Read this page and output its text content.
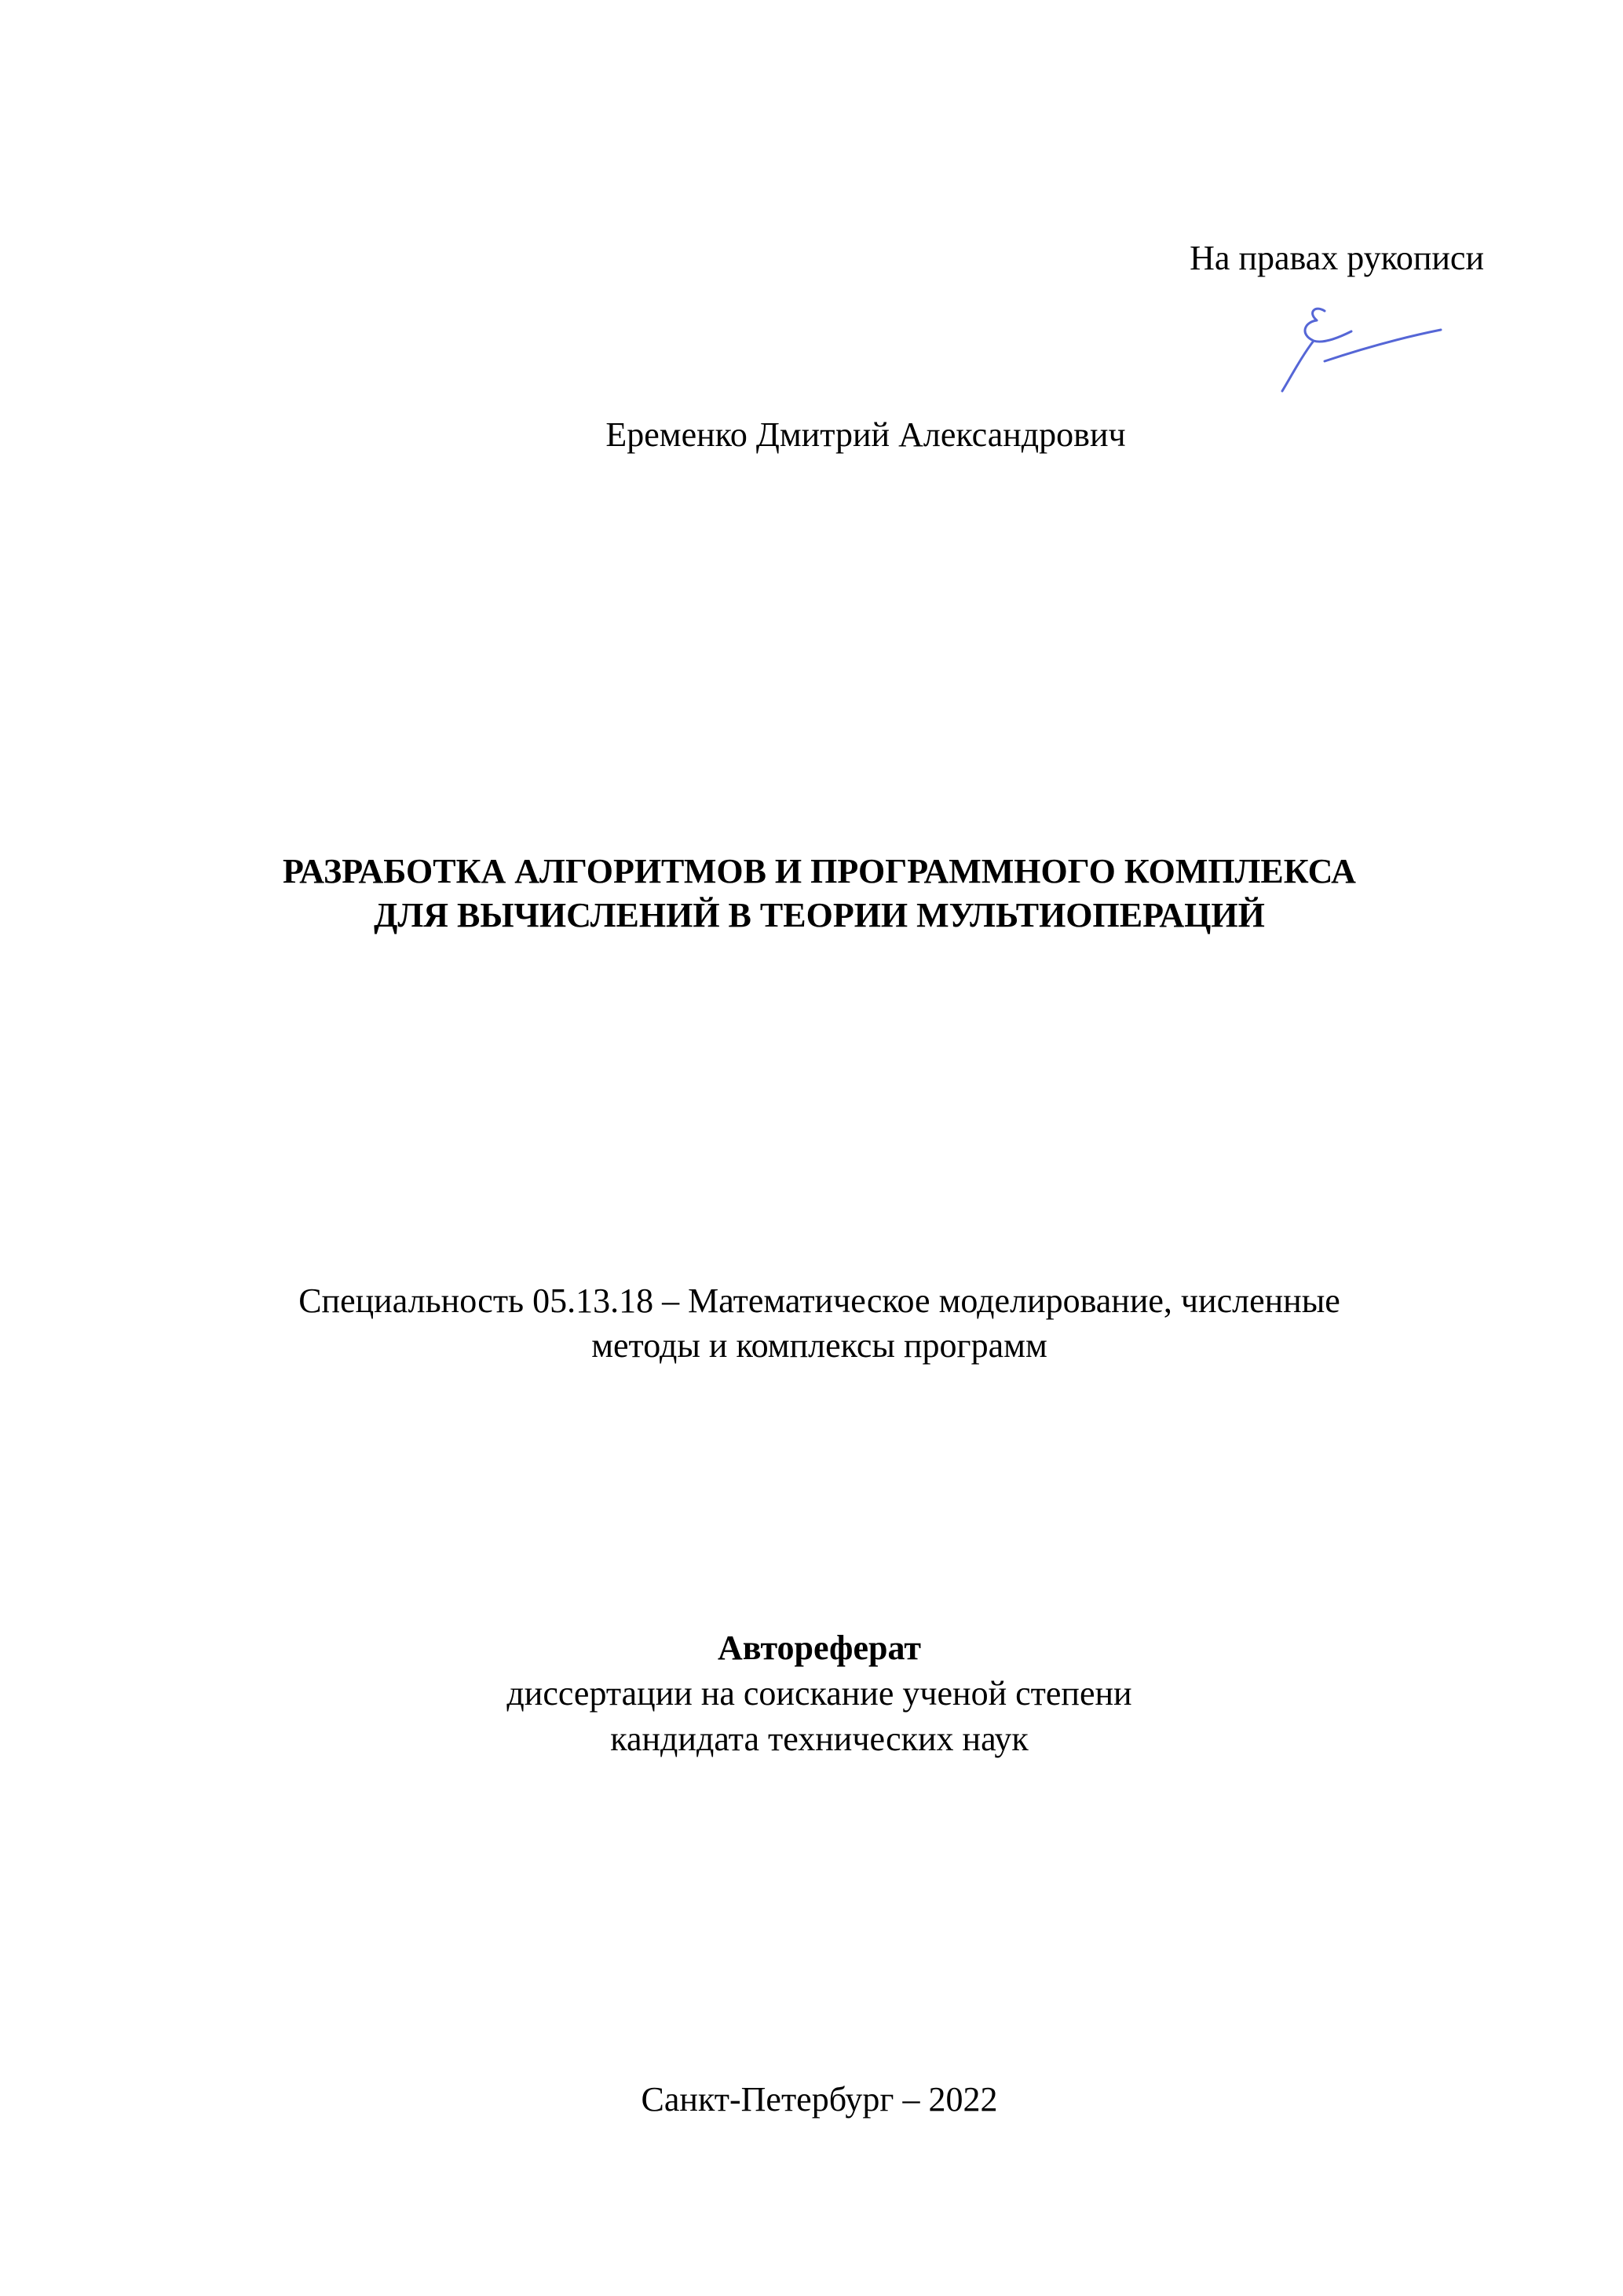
На правах рукописи
Еременко Дмитрий Александрович
РАЗРАБОТКА АЛГОРИТМОВ И ПРОГРАММНОГО КОМПЛЕКСА
ДЛЯ ВЫЧИСЛЕНИЙ В ТЕОРИИ МУЛЬТИОПЕРАЦИЙ
Специальность 05.13.18 – Математическое моделирование, численные
методы и комплексы программ
Автореферат
диссертации на соискание ученой степени
кандидата технических наук
Санкт-Петербург – 2022
